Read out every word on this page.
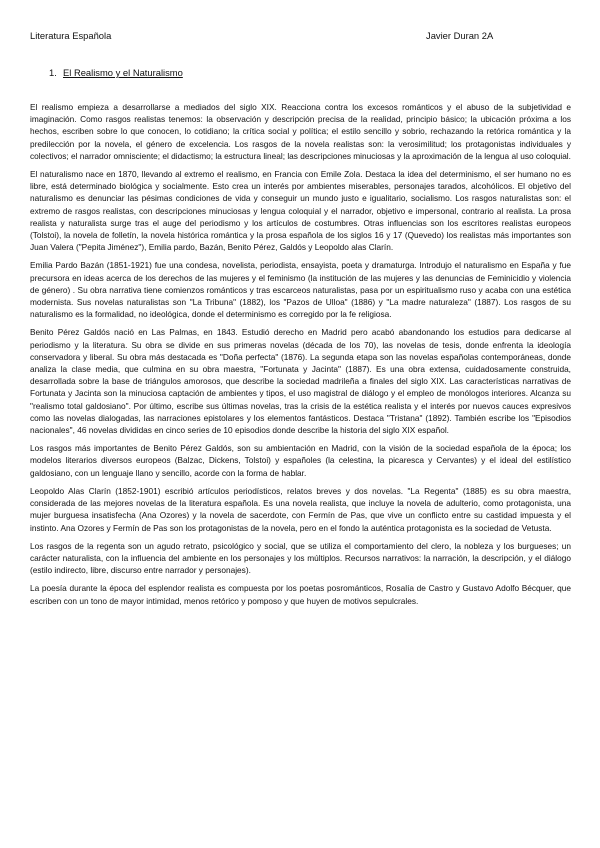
Literatura Española	Javier Duran 2A
1. El Realismo y el Naturalismo

El realismo empieza a desarrollarse a mediados del siglo XIX. Reacciona contra los excesos románticos y el abuso de la subjetividad e imaginación. Como rasgos realistas tenemos: la observación y descripción precisa de la realidad, principio básico; la ubicación próxima a los hechos, escriben sobre lo que conocen, lo cotidiano; la crítica social y política; el estilo sencillo y sobrio, rechazando la retórica romántica y la predilección por la novela, el género de excelencia. Los rasgos de la novela realistas son: la verosimilitud; los protagonistas individuales y colectivos; el narrador omnisciente; el didactismo; la estructura lineal; las descripciones minuciosas y la aproximación de la lengua al uso coloquial.

El naturalismo nace en 1870, llevando al extremo el realismo, en Francia con Emile Zola. Destaca la idea del determinismo, el ser humano no es libre, está determinado biológica y socialmente. Esto crea un interés por ambientes miserables, personajes tarados, alcohólicos. El objetivo del naturalismo es denunciar las pésimas condiciones de vida y conseguir un mundo justo e igualitario, socialismo. Los rasgos naturalistas son: el extremo de rasgos realistas, con descripciones minuciosas y lengua coloquial y el narrador, objetivo e impersonal, contrario al realista. La prosa realista y naturalista surge tras el auge del periodismo y los artículos de costumbres. Otras influencias son los escritores realistas europeos (Tolstoi), la novela de folletín, la novela histórica romántica y la prosa española de los siglos 16 y 17 (Quevedo) los realistas más importantes son Juan Valera ("Pepita Jiménez"), Emilia pardo, Bazán, Benito Pérez, Galdós y Leopoldo alas Clarín.

Emilia Pardo Bazán (1851-1921) fue una condesa, novelista, periodista, ensayista, poeta y dramaturga. Introdujo el naturalismo en España y fue precursora en ideas acerca de los derechos de las mujeres y el feminismo (la institución de las mujeres y las denuncias de Feminicidio y violencia de género) . Su obra narrativa tiene comienzos románticos y tras escarceos naturalistas, pasa por un espiritualismo ruso y acaba con una estética modernista. Sus novelas naturalistas son "La Tribuna" (1882), los "Pazos de Ulloa" (1886) y "La madre naturaleza" (1887). Los rasgos de su naturalismo es la formalidad, no ideológica, donde el determinismo es corregido por la fe religiosa.

Benito Pérez Galdós nació en Las Palmas, en 1843. Estudió derecho en Madrid pero acabó abandonando los estudios para dedicarse al periodismo y la literatura. Su obra se divide en sus primeras novelas (década de los 70), las novelas de tesis, donde enfrenta la ideología conservadora y liberal. Su obra más destacada es "Doña perfecta" (1876). La segunda etapa son las novelas españolas contemporáneas, donde analiza la clase media, que culmina en su obra maestra, "Fortunata y Jacinta" (1887). Es una obra extensa, cuidadosamente construida, desarrollada sobre la base de triángulos amorosos, que describe la sociedad madrileña a finales del siglo XIX. Las características narrativas de Fortunata y Jacinta son la minuciosa captación de ambientes y tipos, el uso magistral de diálogo y el empleo de monólogos interiores. Alcanza su "realismo total galdosiano". Por último, escribe sus últimas novelas, tras la crisis de la estética realista y el interés por nuevos cauces expresivos como las novelas dialogadas, las narraciones epistolares y los elementos fantásticos. Destaca "Tristana" (1892). También escribe los "Episodios nacionales", 46 novelas divididas en cinco series de 10 episodios donde describe la historia del siglo XIX español.

Los rasgos más importantes de Benito Pérez Galdós, son su ambientación en Madrid, con la visión de la sociedad española de la época; los modelos literarios diversos europeos (Balzac, Dickens, Tolstoi) y españoles (la celestina, la picaresca y Cervantes) y el ideal del estilístico galdosiano, con un lenguaje llano y sencillo, acorde con la forma de hablar.

Leopoldo Alas Clarín (1852-1901) escribió artículos periodísticos, relatos breves y dos novelas. "La Regenta" (1885) es su obra maestra, considerada de las mejores novelas de la literatura española. Es una novela realista, que incluye la novela de adulterio, como protagonista, una mujer burguesa insatisfecha (Ana Ozores) y la novela de sacerdote, con Fermín de Pas, que vive un conflicto entre su castidad impuesta y el instinto. Ana Ozores y Fermín de Pas son los protagonistas de la novela, pero en el fondo la auténtica protagonista es la sociedad de Vetusta.

Los rasgos de la regenta son un agudo retrato, psicológico y social, que se utiliza el comportamiento del clero, la nobleza y los burgueses; un carácter naturalista, con la influencia del ambiente en los personajes y los múltiplos. Recursos narrativos: la narración, la descripción, y el diálogo (estilo indirecto, libre, discurso entre narrador y personajes).

La poesía durante la época del esplendor realista es compuesta por los poetas posrománticos, Rosalía de Castro y Gustavo Adolfo Bécquer, que escriben con un tono de mayor intimidad, menos retórico y pomposo y que huyen de motivos sepulcrales.
